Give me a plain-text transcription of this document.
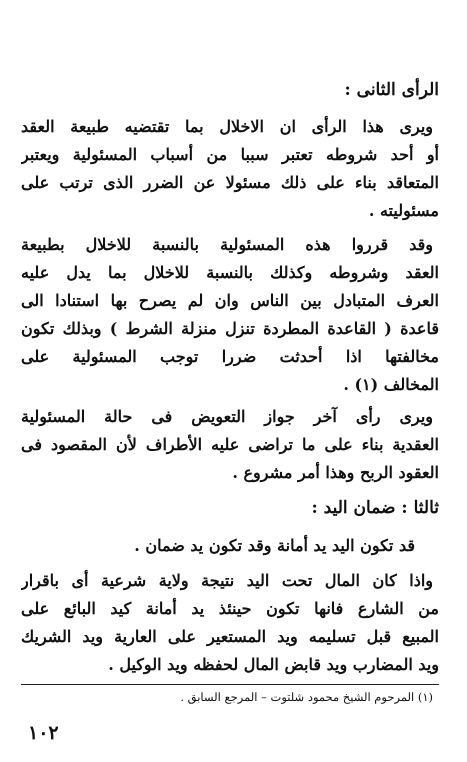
الرأى الثانى :
ويرى هذا الرأى ان الاخلال بما تقتضيه طبيعة العقد
أو أحد شروطه تعتبر سببا من أسباب المسئولية ويعتبر
المتعاقد بناء على ذلك مسئولا عن الضرر الذى ترتب على
مسئوليته .
وقد قرروا هذه المسئولية بالنسبة للاخلال بطبيعة
العقد وشروطه وكذلك بالنسبة للاخلال بما يدل عليه
العرف المتبادل بين الناس وان لم يصرح بها استنادا الى
قاعدة ( القاعدة المطردة تنزل منزلة الشرط ) وبذلك تكون
مخالفتها اذا أحدثت ضررا توجب المسئولية على
المخالف (١) .
ويرى رأى آخر جواز التعويض فى حالة المسئولية
العقدية بناء على ما تراضى عليه الأطراف لأن المقصود فى
العقود الربح وهذا أمر مشروع .
ثالثا : ضمان اليد :
قد تكون اليد يد أمانة وقد تكون يد ضمان .
واذا كان المال تحت اليد نتيجة ولاية شرعية أى باقرار
من الشارع فانها تكون حينئذ يد أمانة كيد البائع على
المبيع قبل تسليمه ويد المستعير على العارية ويد الشريك
ويد المضارب ويد قابض المال لحفظه ويد الوكيل .
(١) المرحوم الشيخ محمود شلتوت – المرجع السابق .
١٠٢
